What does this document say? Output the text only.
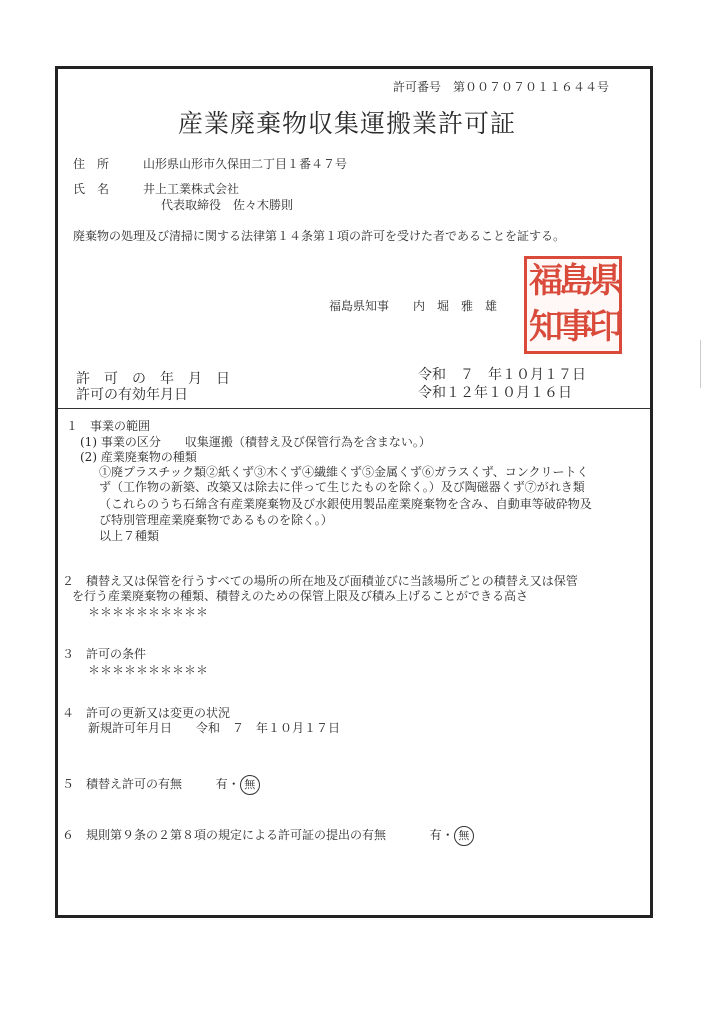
許可番号　第００７０７０１１６４４号
産業廃棄物収集運搬業許可証
住　所	山形県山形市久保田二丁目１番４７号
氏　名	井上工業株式会社
代表取締役　佐々木勝則
廃棄物の処理及び清掃に関する法律第１４条第１項の許可を受けた者であることを証する。
福島県知事　　内　堀　雅　雄
県
島
福
印
事
知
許　可　の　年　月　日	令和　７　年１０月１７日
許可の有効年月日	令和１２年１０月１６日
１　事業の範囲
(1) 事業の区分　　収集運搬（積替え及び保管行為を含まない。）
(2) 産業廃棄物の種類
①廃プラスチック類②紙くず③木くず④繊維くず⑤金属くず⑥ガラスくず、コンクリートく
ず（工作物の新築、改築又は除去に伴って生じたものを除く。）及び陶磁器くず⑦がれき類
（これらのうち石綿含有産業廃棄物及び水銀使用製品産業廃棄物を含み、自動車等破砕物及
び特別管理産業廃棄物であるものを除く。）
以上７種類
２　積替え又は保管を行うすべての場所の所在地及び面積並びに当該場所ごとの積替え又は保管
を行う産業廃棄物の種類、積替えのための保管上限及び積み上げることができる高さ
＊＊＊＊＊＊＊＊＊＊
３　許可の条件
＊＊＊＊＊＊＊＊＊＊
４　許可の更新又は変更の状況
新規許可年月日　　令和　７　年１０月１７日
５　積替え許可の有無	有・ 無
６　規則第９条の２第８項の規定による許可証の提出の有無	有・ 無
